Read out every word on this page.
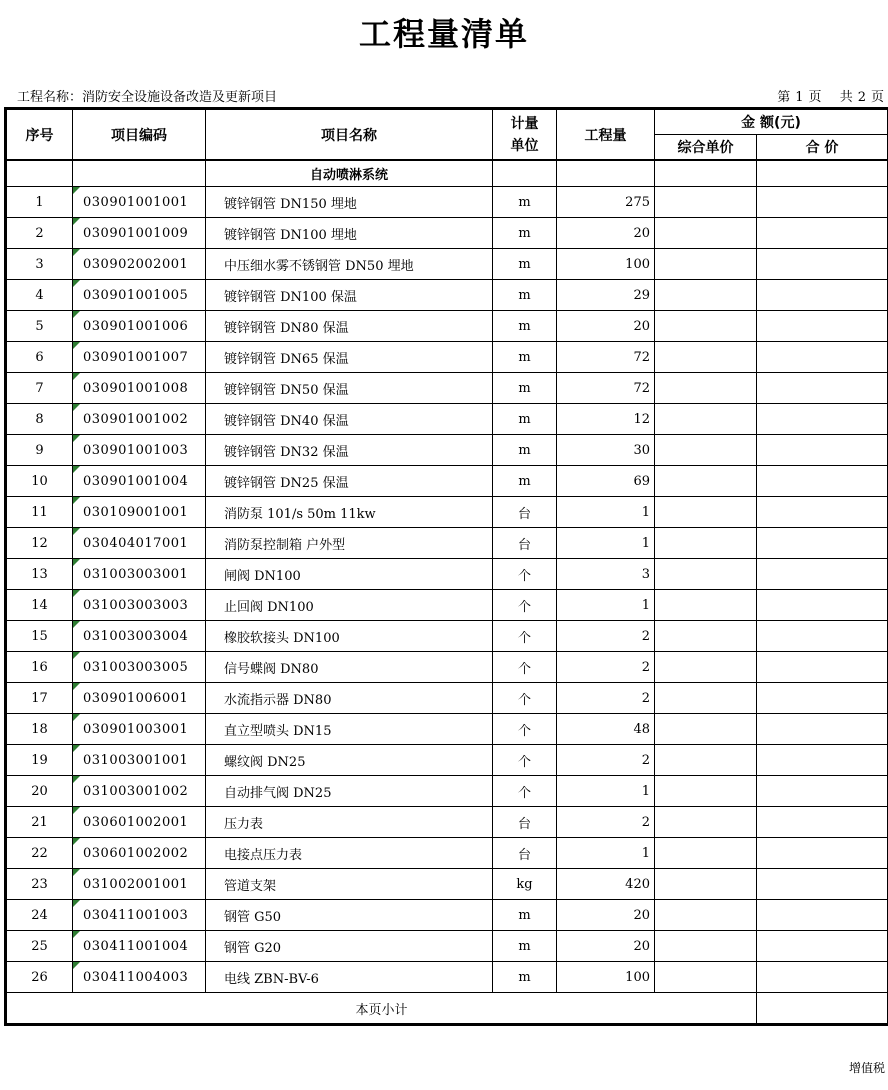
工程量清单
工程名称：消防安全设施设备改造及更新项目	第 1 页 共 2 页
序号	项目编码	项目名称	计量单位	工程量	金 额(元)	
					综合单价	合 价
		自动喷淋系统				
1	030901001001	镀锌钢管 DN150 埋地	m	275		
2	030901001009	镀锌钢管 DN100 埋地	m	20		
3	030902002001	中压细水雾不锈钢管 DN50 埋地	m	100		
4	030901001005	镀锌钢管 DN100 保温	m	29		
5	030901001006	镀锌钢管 DN80 保温	m	20		
6	030901001007	镀锌钢管 DN65 保温	m	72		
7	030901001008	镀锌钢管 DN50 保温	m	72		
8	030901001002	镀锌钢管 DN40 保温	m	12		
9	030901001003	镀锌钢管 DN32 保温	m	30		
10	030901001004	镀锌钢管 DN25 保温	m	69		
11	030109001001	消防泵 101/s 50m 11kw	台	1		
12	030404017001	消防泵控制箱 户外型	台	1		
13	031003003001	闸阀 DN100	个	3		
14	031003003003	止回阀 DN100	个	1		
15	031003003004	橡胶软接头 DN100	个	2		
16	031003003005	信号蝶阀 DN80	个	2		
17	030901006001	水流指示器 DN80	个	2		
18	030901003001	直立型喷头 DN15	个	48		
19	031003001001	螺纹阀 DN25	个	2		
20	031003001002	自动排气阀 DN25	个	1		
21	030601002001	压力表	台	2		
22	030601002002	电接点压力表	台	1		
23	031002001001	管道支架	kg	420		
24	030411001003	钢管 G50	m	20		
25	030411001004	钢管 G20	m	20		
26	030411004003	电线 ZBN-BV-6	m	100		
本页小计						
增值税
